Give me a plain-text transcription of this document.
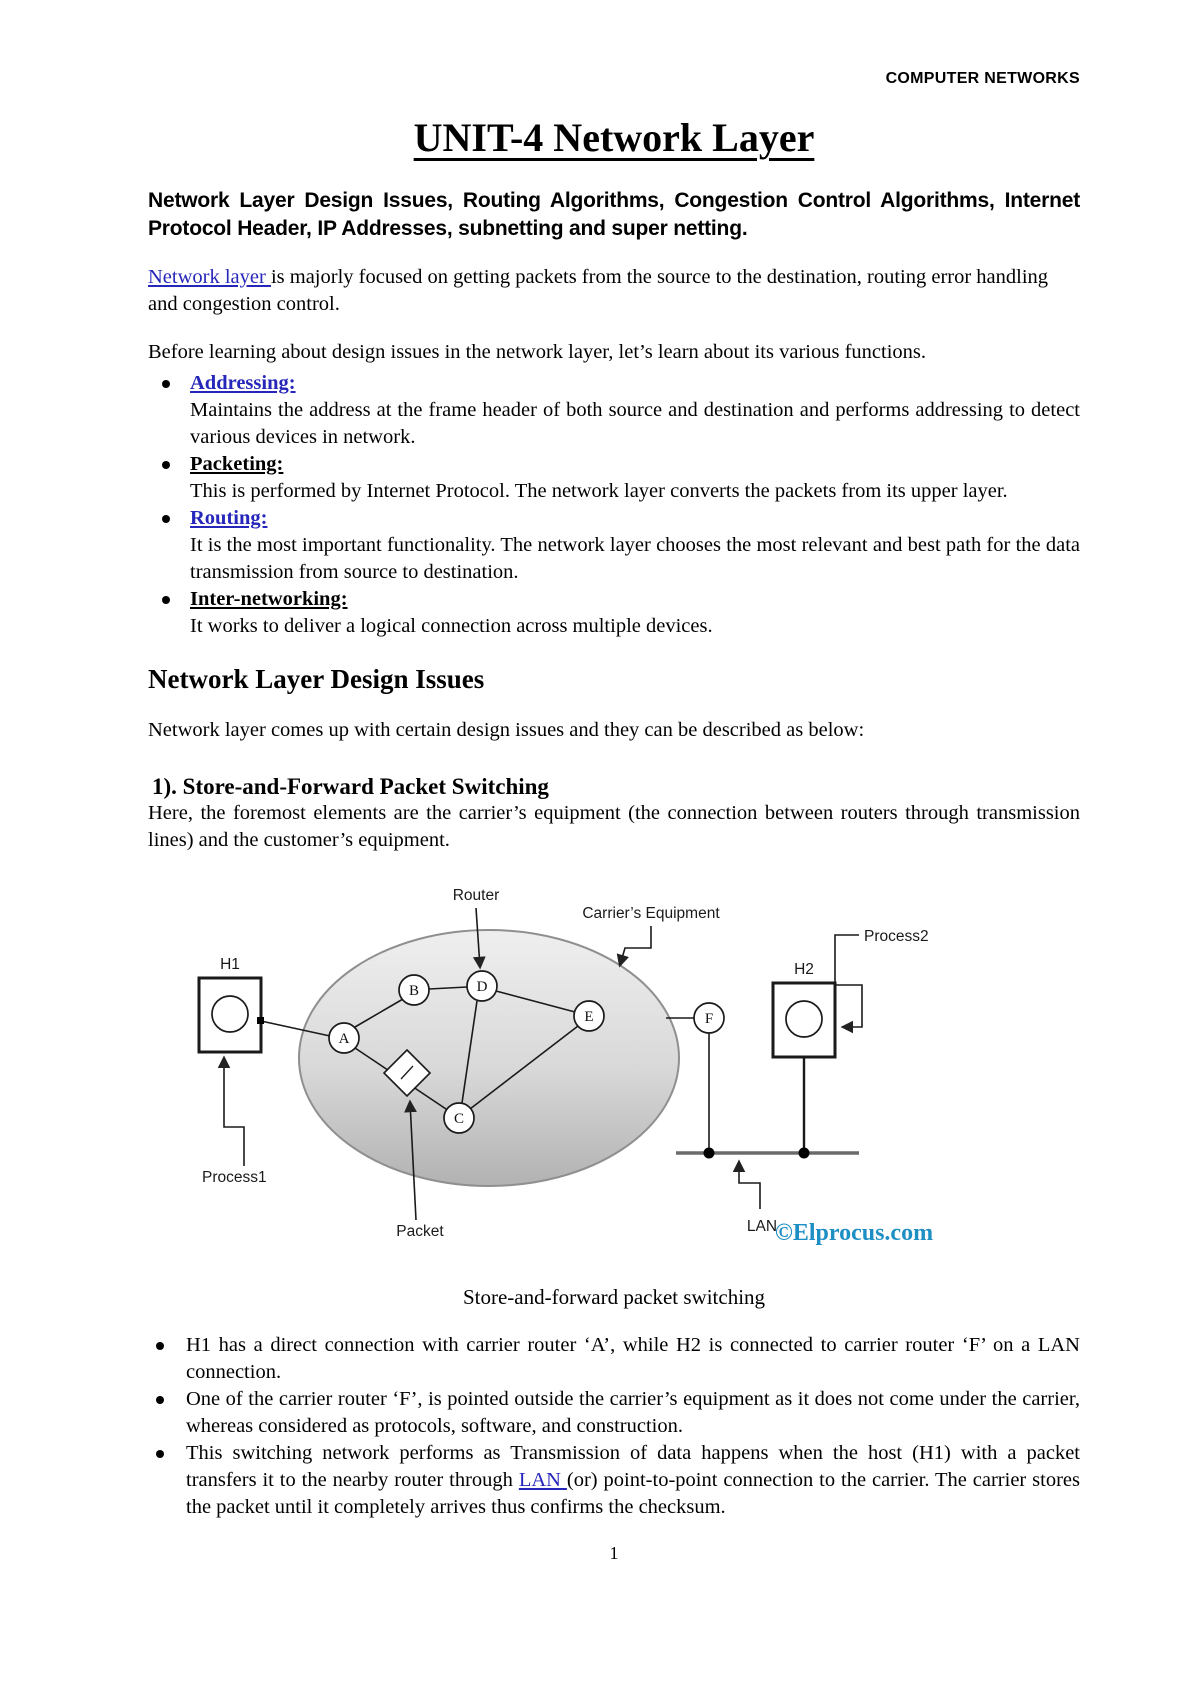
COMPUTER NETWORKS
UNIT-4 Network Layer

Network Layer Design Issues, Routing Algorithms, Congestion Control Algorithms, Internet Protocol Header, IP Addresses, subnetting and super netting.

Network layer is majorly focused on getting packets from the source to the destination, routing error handling and congestion control.

Before learning about design issues in the network layer, let’s learn about its various functions.

Addressing:
Maintains the address at the frame header of both source and destination and performs addressing to detect various devices in network.
Packeting:
This is performed by Internet Protocol. The network layer converts the packets from its upper layer.
Routing:
It is the most important functionality. The network layer chooses the most relevant and best path for the data transmission from source to destination.
Inter-networking:
It works to deliver a logical connection across multiple devices.
Network Layer Design Issues

Network layer comes up with certain design issues and they can be described as below:

1). Store-and-Forward Packet Switching

Here, the foremost elements are the carrier’s equipment (the connection between routers through transmission lines) and the customer’s equipment.

A
B
C
D
E	F
H1	H2
Router
Carrier’s Equipment
Process2
Process1
Packet	LAN
©Elprocus.com
Store-and-forward packet switching
H1 has a direct connection with carrier router ‘A’, while H2 is connected to carrier router ‘F’ on a LAN connection.
One of the carrier router ‘F’, is pointed outside the carrier’s equipment as it does not come under the carrier, whereas considered as protocols, software, and construction.
This switching network performs as Transmission of data happens when the host (H1) with a packet transfers it to the nearby router through LAN (or) point-to-point connection to the carrier. The carrier stores the packet until it completely arrives thus confirms the checksum.
1
